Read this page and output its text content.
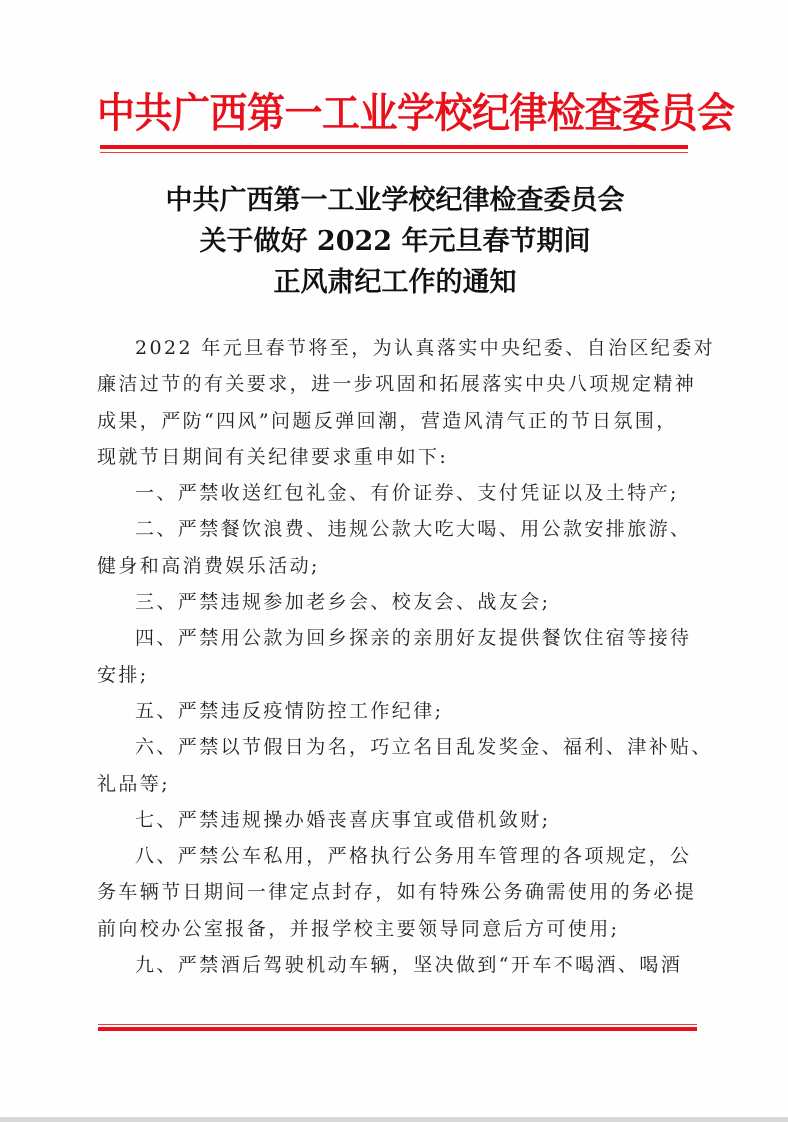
中共广西第一工业学校纪律检查委员会
中共广西第一工业学校纪律检查委员会
关于做好 2022 年元旦春节期间
正风肃纪工作的通知
2022 年元旦春节将至，为认真落实中央纪委、自治区纪委对
廉洁过节的有关要求，进一步巩固和拓展落实中央八项规定精神
成果，严防“四风”问题反弹回潮，营造风清气正的节日氛围，
现就节日期间有关纪律要求重申如下:
一、严禁收送红包礼金、有价证券、支付凭证以及土特产;
二、严禁餐饮浪费、违规公款大吃大喝、用公款安排旅游、
健身和高消费娱乐活动;
三、严禁违规参加老乡会、校友会、战友会;
四、严禁用公款为回乡探亲的亲朋好友提供餐饮住宿等接待
安排;
五、严禁违反疫情防控工作纪律;
六、严禁以节假日为名，巧立名目乱发奖金、福利、津补贴、
礼品等;
七、严禁违规操办婚丧喜庆事宜或借机敛财;
八、严禁公车私用，严格执行公务用车管理的各项规定，公
务车辆节日期间一律定点封存，如有特殊公务确需使用的务必提
前向校办公室报备，并报学校主要领导同意后方可使用;
九、严禁酒后驾驶机动车辆，坚决做到“开车不喝酒、喝酒
